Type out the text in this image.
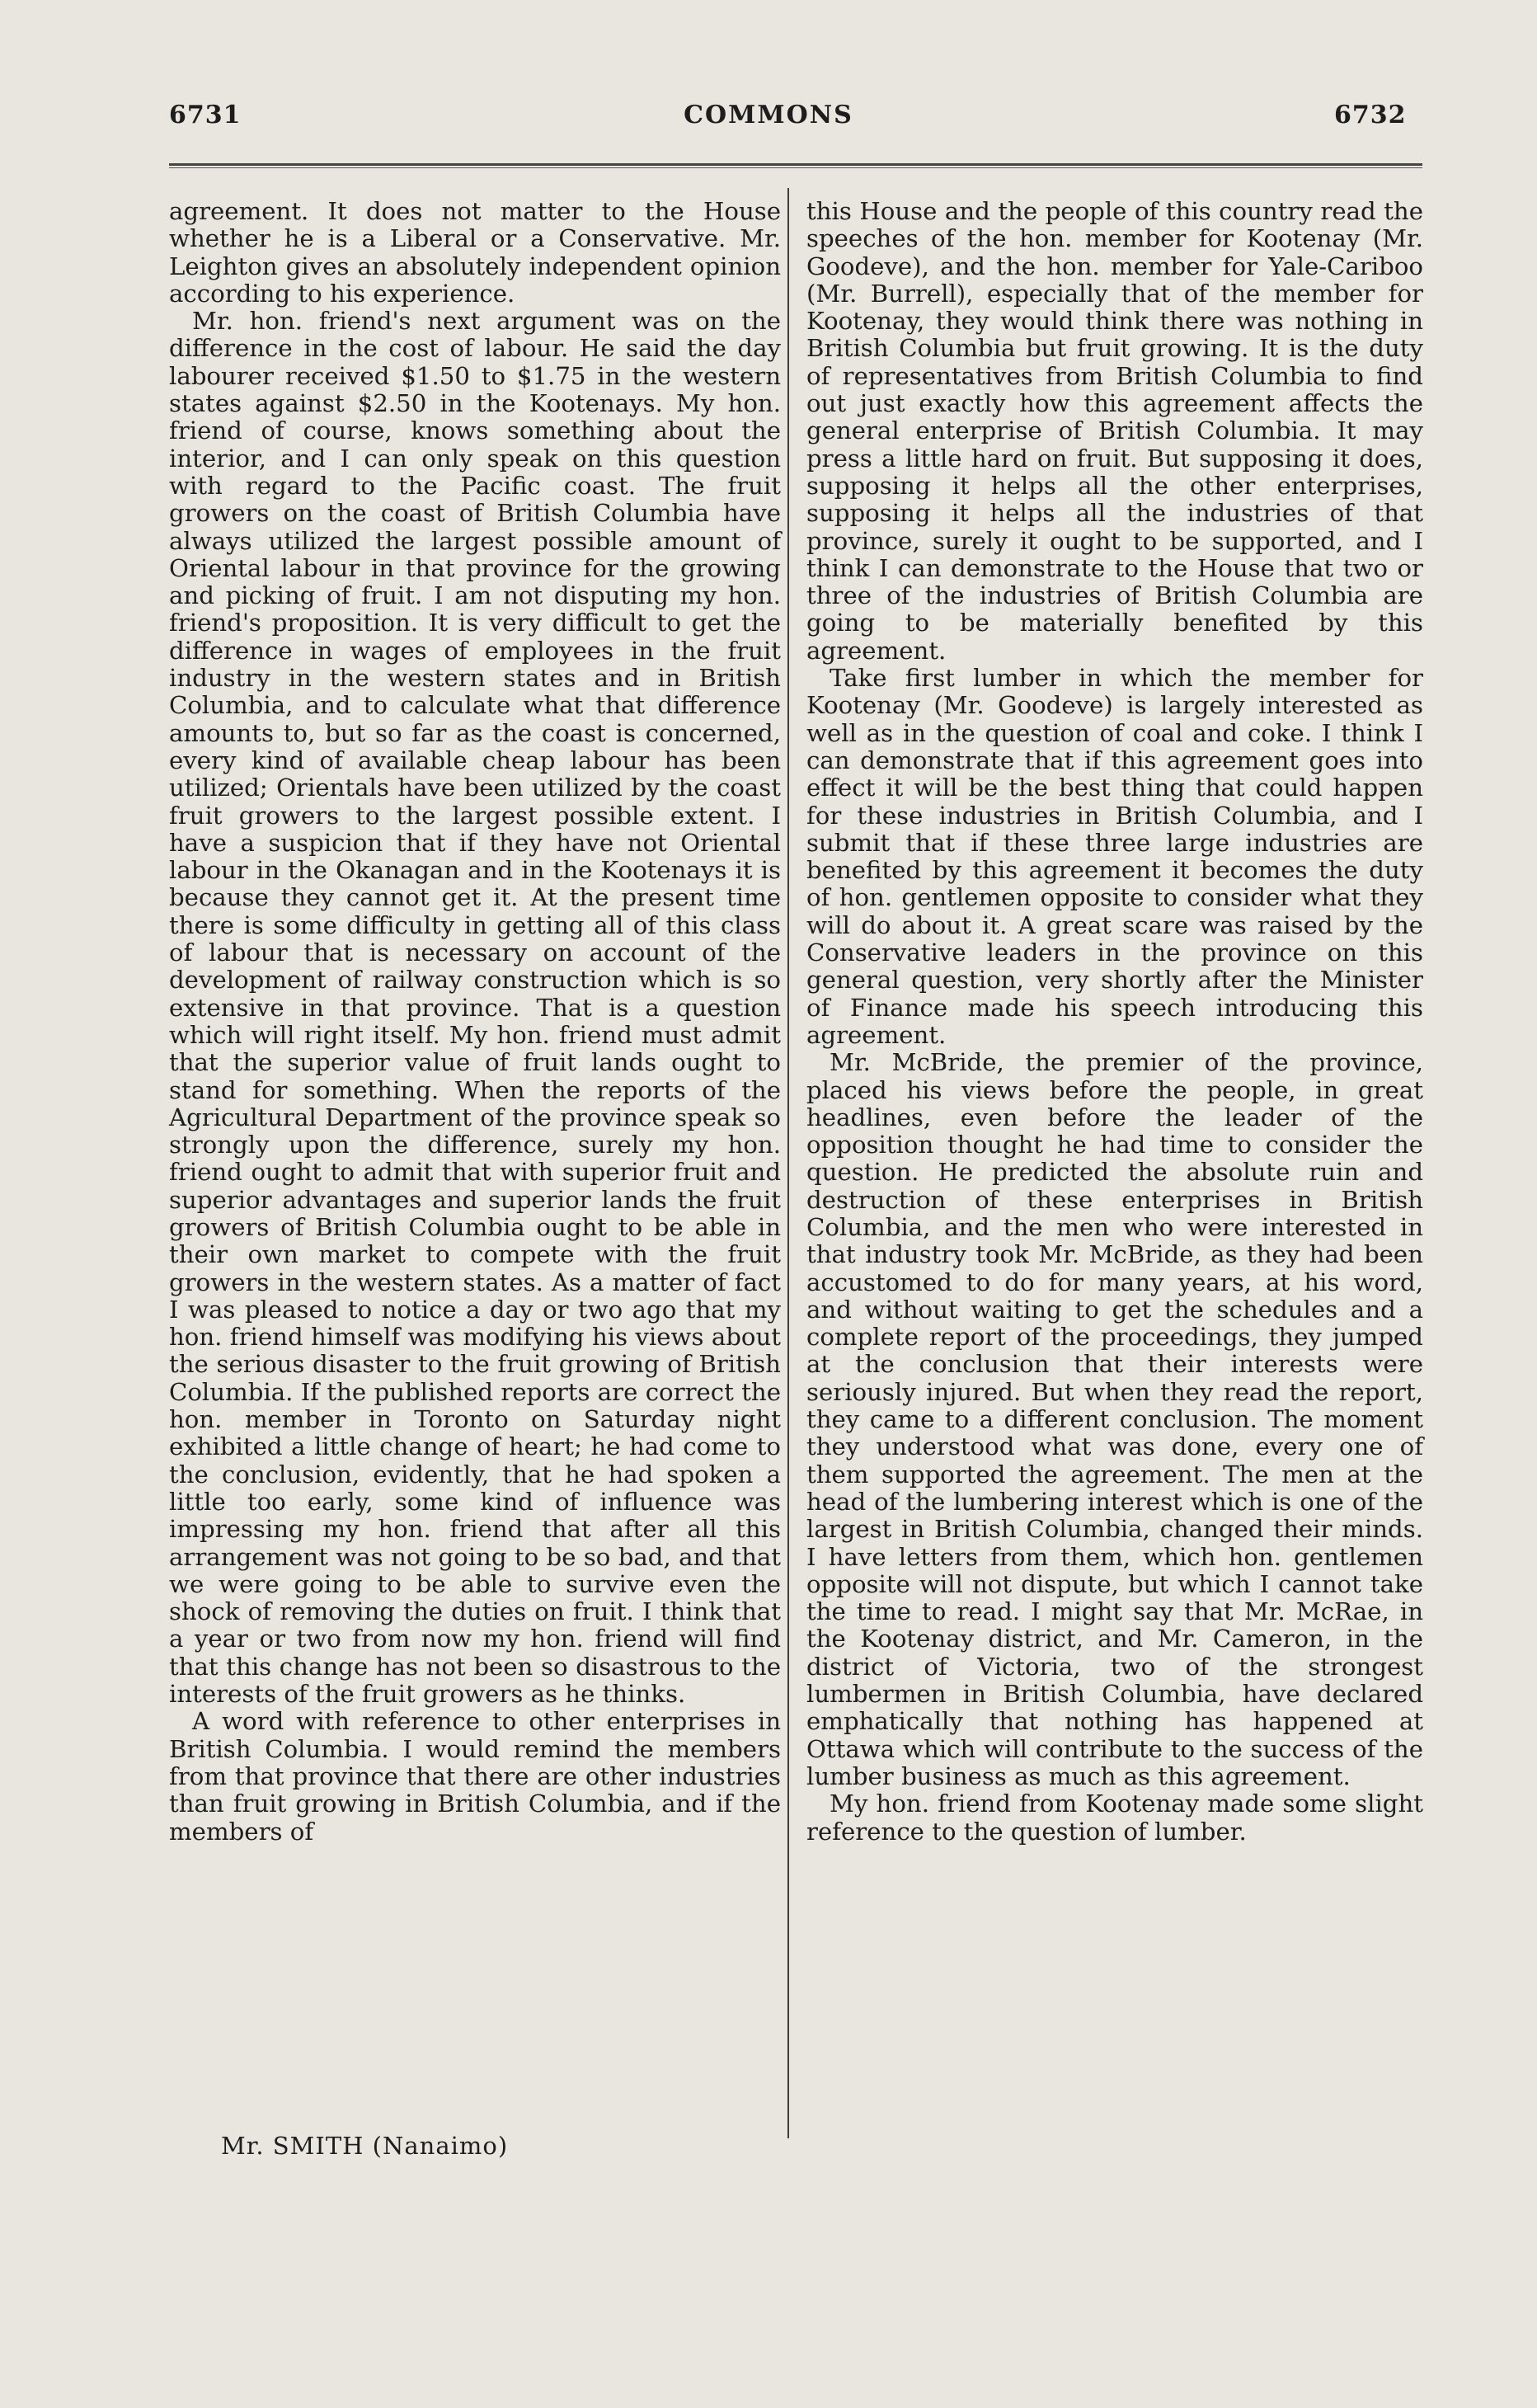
6731	COMMONS	6732

agreement. It does not matter to the House whether he is a Liberal or a Conservative. Mr. Leighton gives an absolutely independent opinion according to his experience.

Mr. hon. friend's next argument was on the difference in the cost of labour. He said the day labourer received $1.50 to $1.75 in the western states against $2.50 in the Kootenays. My hon. friend of course, knows something about the interior, and I can only speak on this question with regard to the Pacific coast. The fruit growers on the coast of British Columbia have always utilized the largest possible amount of Oriental labour in that province for the growing and picking of fruit. I am not disputing my hon. friend's proposition. It is very difficult to get the difference in wages of employees in the fruit industry in the western states and in British Columbia, and to calculate what that difference amounts to, but so far as the coast is concerned, every kind of available cheap labour has been utilized; Orientals have been utilized by the coast fruit growers to the largest possible extent. I have a suspicion that if they have not Oriental labour in the Okanagan and in the Kootenays it is because they cannot get it. At the present time there is some difficulty in getting all of this class of labour that is necessary on account of the development of railway construction which is so extensive in that province. That is a question which will right itself. My hon. friend must admit that the superior value of fruit lands ought to stand for something. When the reports of the Agricultural Department of the province speak so strongly upon the difference, surely my hon. friend ought to admit that with superior fruit and superior advantages and superior lands the fruit growers of British Columbia ought to be able in their own market to compete with the fruit growers in the western states. As a matter of fact I was pleased to notice a day or two ago that my hon. friend himself was modifying his views about the serious disaster to the fruit growing of British Columbia. If the published reports are correct the hon. member in Toronto on Saturday night exhibited a little change of heart; he had come to the conclusion, evidently, that he had spoken a little too early, some kind of influence was impressing my hon. friend that after all this arrangement was not going to be so bad, and that we were going to be able to survive even the shock of removing the duties on fruit. I think that a year or two from now my hon. friend will find that this change has not been so disastrous to the interests of the fruit growers as he thinks.

A word with reference to other enterprises in British Columbia. I would remind the members from that province that there are other industries than fruit growing in British Columbia, and if the members of

this House and the people of this country read the speeches of the hon. member for Kootenay (Mr. Goodeve), and the hon. member for Yale-Cariboo (Mr. Burrell), especially that of the member for Kootenay, they would think there was nothing in British Columbia but fruit growing. It is the duty of representatives from British Columbia to find out just exactly how this agreement affects the general enterprise of British Columbia. It may press a little hard on fruit. But supposing it does, supposing it helps all the other enterprises, supposing it helps all the industries of that province, surely it ought to be supported, and I think I can demonstrate to the House that two or three of the industries of British Columbia are going to be materially benefited by this agreement.

Take first lumber in which the member for Kootenay (Mr. Goodeve) is largely interested as well as in the question of coal and coke. I think I can demonstrate that if this agreement goes into effect it will be the best thing that could happen for these industries in British Columbia, and I submit that if these three large industries are benefited by this agreement it becomes the duty of hon. gentlemen opposite to consider what they will do about it. A great scare was raised by the Conservative leaders in the province on this general question, very shortly after the Minister of Finance made his speech introducing this agreement.

Mr. McBride, the premier of the province, placed his views before the people, in great headlines, even before the leader of the opposition thought he had time to consider the question. He predicted the absolute ruin and destruction of these enterprises in British Columbia, and the men who were interested in that industry took Mr. McBride, as they had been accustomed to do for many years, at his word, and without waiting to get the schedules and a complete report of the proceedings, they jumped at the conclusion that their interests were seriously injured. But when they read the report, they came to a different conclusion. The moment they understood what was done, every one of them supported the agreement. The men at the head of the lumbering interest which is one of the largest in British Columbia, changed their minds. I have letters from them, which hon. gentlemen opposite will not dispute, but which I cannot take the time to read. I might say that Mr. McRae, in the Kootenay district, and Mr. Cameron, in the district of Victoria, two of the strongest lumbermen in British Columbia, have declared emphatically that nothing has happened at Ottawa which will contribute to the success of the lumber business as much as this agreement.

My hon. friend from Kootenay made some slight reference to the question of lumber.

Mr. SMITH (Nanaimo)
